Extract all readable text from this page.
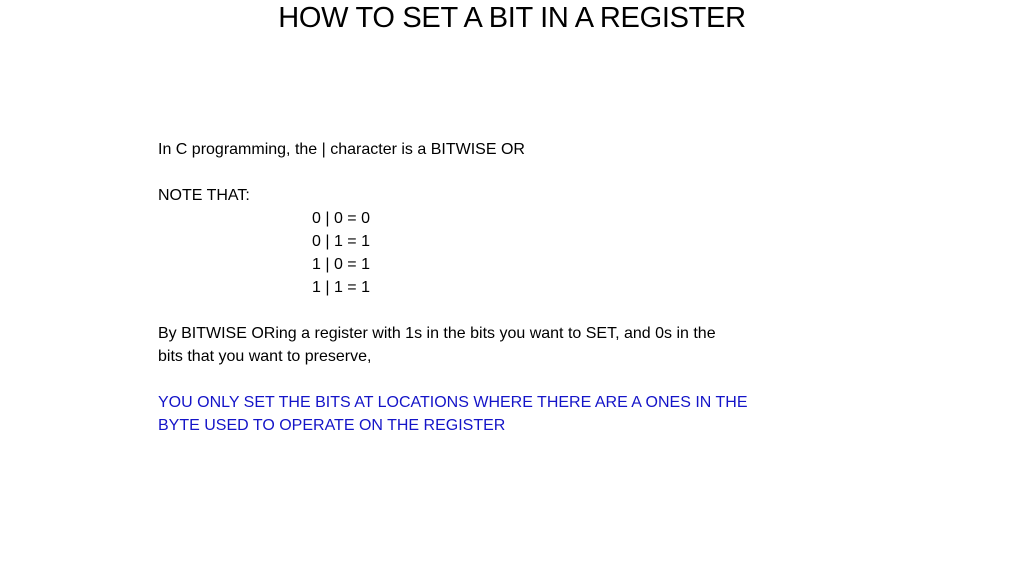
HOW TO SET A BIT IN A REGISTER
In C programming, the | character is a BITWISE OR
NOTE THAT:
0 | 0 = 0
0 | 1 = 1
1 | 0 = 1
1 | 1 = 1
By BITWISE ORing a register with 1s in the bits you want to SET, and 0s in the
bits that you want to preserve,
YOU ONLY SET THE BITS AT LOCATIONS WHERE THERE ARE A ONES IN THE
BYTE USED TO OPERATE ON THE REGISTER
